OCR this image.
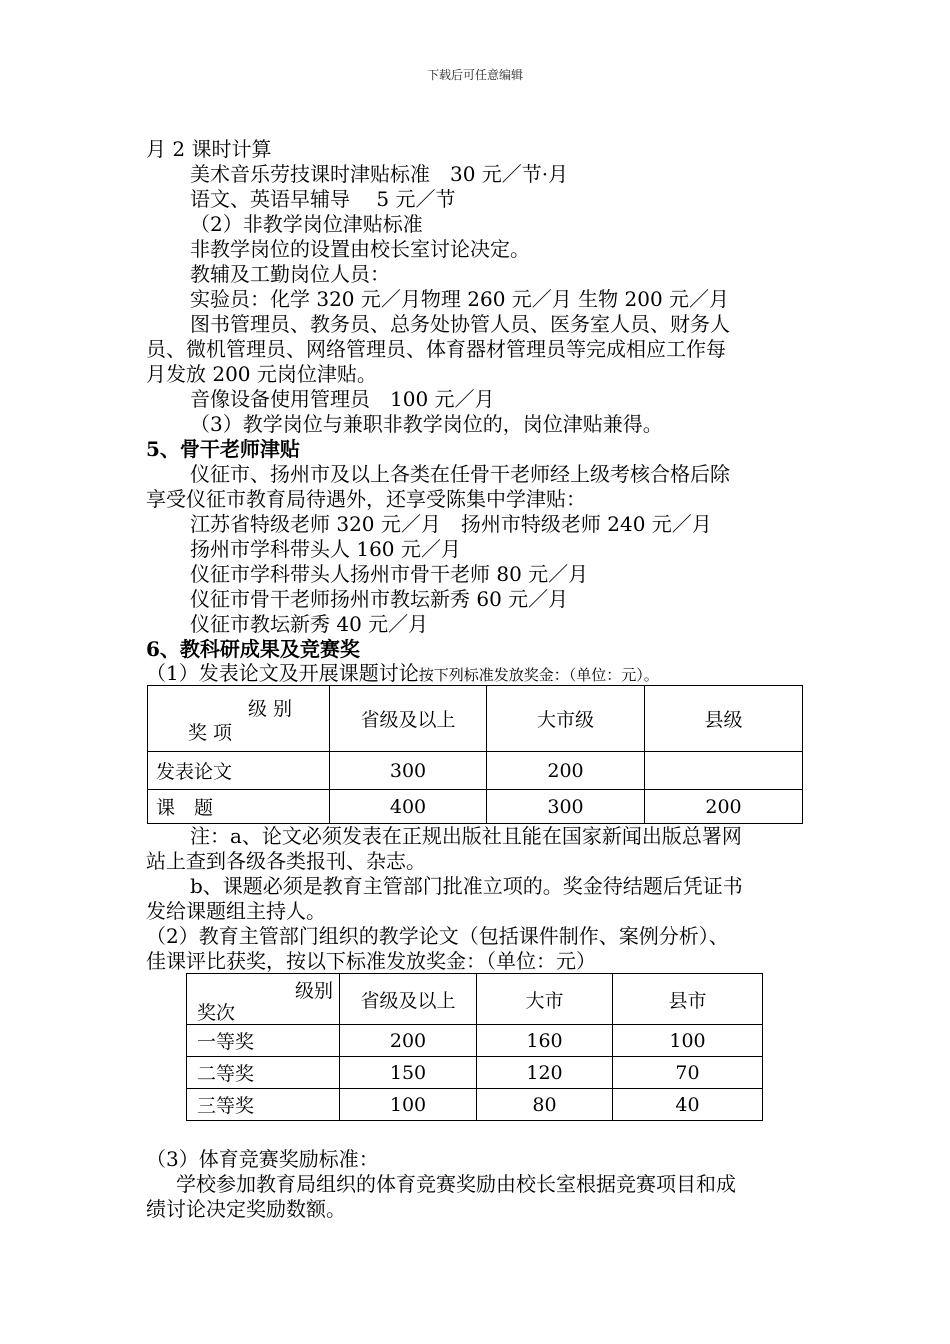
下载后可任意编辑
月 2 课时计算
美术音乐劳技课时津贴标准　30 元／节·月
语文、英语早辅导　 5 元／节
（2）非教学岗位津贴标准
非教学岗位的设置由校长室讨论决定。
教辅及工勤岗位人员：
实验员：化学 320 元／月物理 260 元／月 生物 200 元／月
图书管理员、教务员、总务处协管人员、医务室人员、财务人
员、微机管理员、网络管理员、体育器材管理员等完成相应工作每
月发放 200 元岗位津贴。
音像设备使用管理员　100 元／月
（3）教学岗位与兼职非教学岗位的，岗位津贴兼得。
5、骨干老师津贴
仪征市、扬州市及以上各类在任骨干老师经上级考核合格后除
享受仪征市教育局待遇外，还享受陈集中学津贴：
江苏省特级老师 320 元／月　扬州市特级老师 240 元／月
扬州市学科带头人 160 元／月
仪征市学科带头人扬州市骨干老师 80 元／月
仪征市骨干老师扬州市教坛新秀 60 元／月
仪征市教坛新秀 40 元／月
6、教科研成果及竞赛奖
（1）发表论文及开展课题讨论按下列标准发放奖金：（单位：元）。
级 别
奖 项	省级及以上	大市级	县级
发表论文	300	200	
课　题	400	300	200
注：a、论文必须发表在正规出版社且能在国家新闻出版总署网
站上查到各级各类报刊、杂志。
b、课题必须是教育主管部门批准立项的。奖金待结题后凭证书
发给课题组主持人。
（2）教育主管部门组织的教学论文（包括课件制作、案例分析）、
佳课评比获奖，按以下标准发放奖金：（单位：元）
级别
奖次	省级及以上	大市	县市
一等奖	200	160	100
二等奖	150	120	70
三等奖	100	80	40
（3）体育竞赛奖励标准：
学校参加教育局组织的体育竞赛奖励由校长室根据竞赛项目和成
绩讨论决定奖励数额。
